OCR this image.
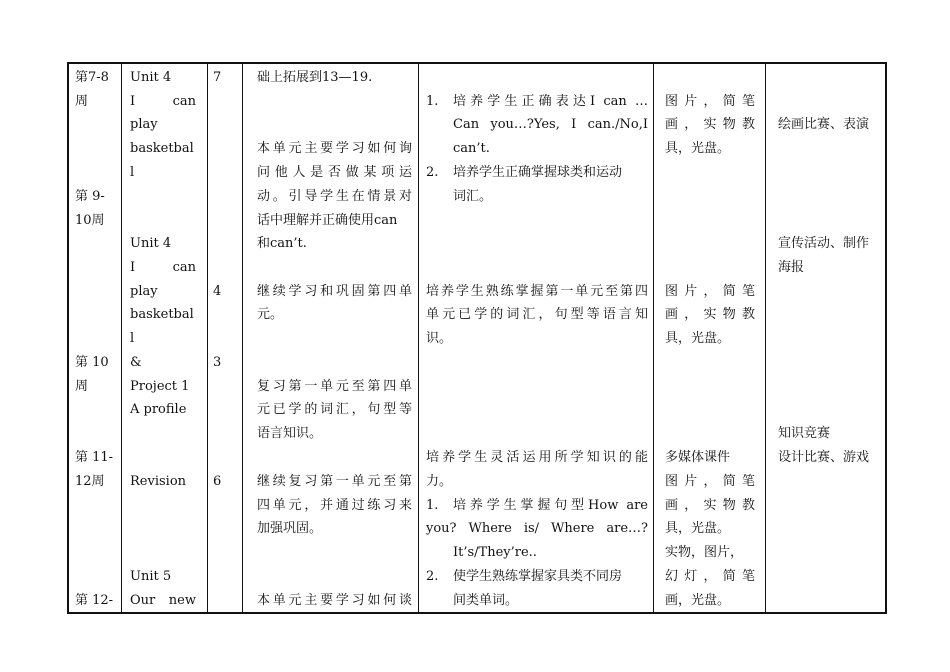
第7-8
周
第 9-
10周
第 10
周
第 11-
12周
第 12-
Unit 4
I	can
play
basketbal
l
Unit 4
I	can
play
basketbal
l
&
Project 1
A profile
Revision
Unit 5
Our new
7
4
3
6
础上拓展到13—19.
本单元主要学习如何询
问他人是否做某项运
动。引导学生在情景对
话中理解并正确使用can
和can’t.
继续学习和巩固第四单
元。
复习第一单元至第四单
元已学的词汇，句型等
语言知识。
继续复习第一单元至第
四单元，并通过练习来
加强巩固。
本单元主要学习如何谈
1. 培养学生正确表达I can …
Can you…?Yes, I can./No,I
can’t.
2. 培养学生正确掌握球类和运动
词汇。
培养学生熟练掌握第一单元至第四
单元已学的词汇，句型等语言知
识。
培养学生灵活运用所学知识的能
力。
1. 培养学生掌握句型How are
you? Where is/ Where are…?
It’s/They’re..
2. 使学生熟练掌握家具类不同房
间类单词。
图片，简笔
画，实物教
具，光盘。
图片，简笔
画，实物教
具，光盘。
多媒体课件
图片，简笔
画，实物教
具，光盘。
实物，图片，
幻灯，简笔
画，光盘。
绘画比赛、表演
宣传活动、制作
海报
知识竞赛
设计比赛、游戏
